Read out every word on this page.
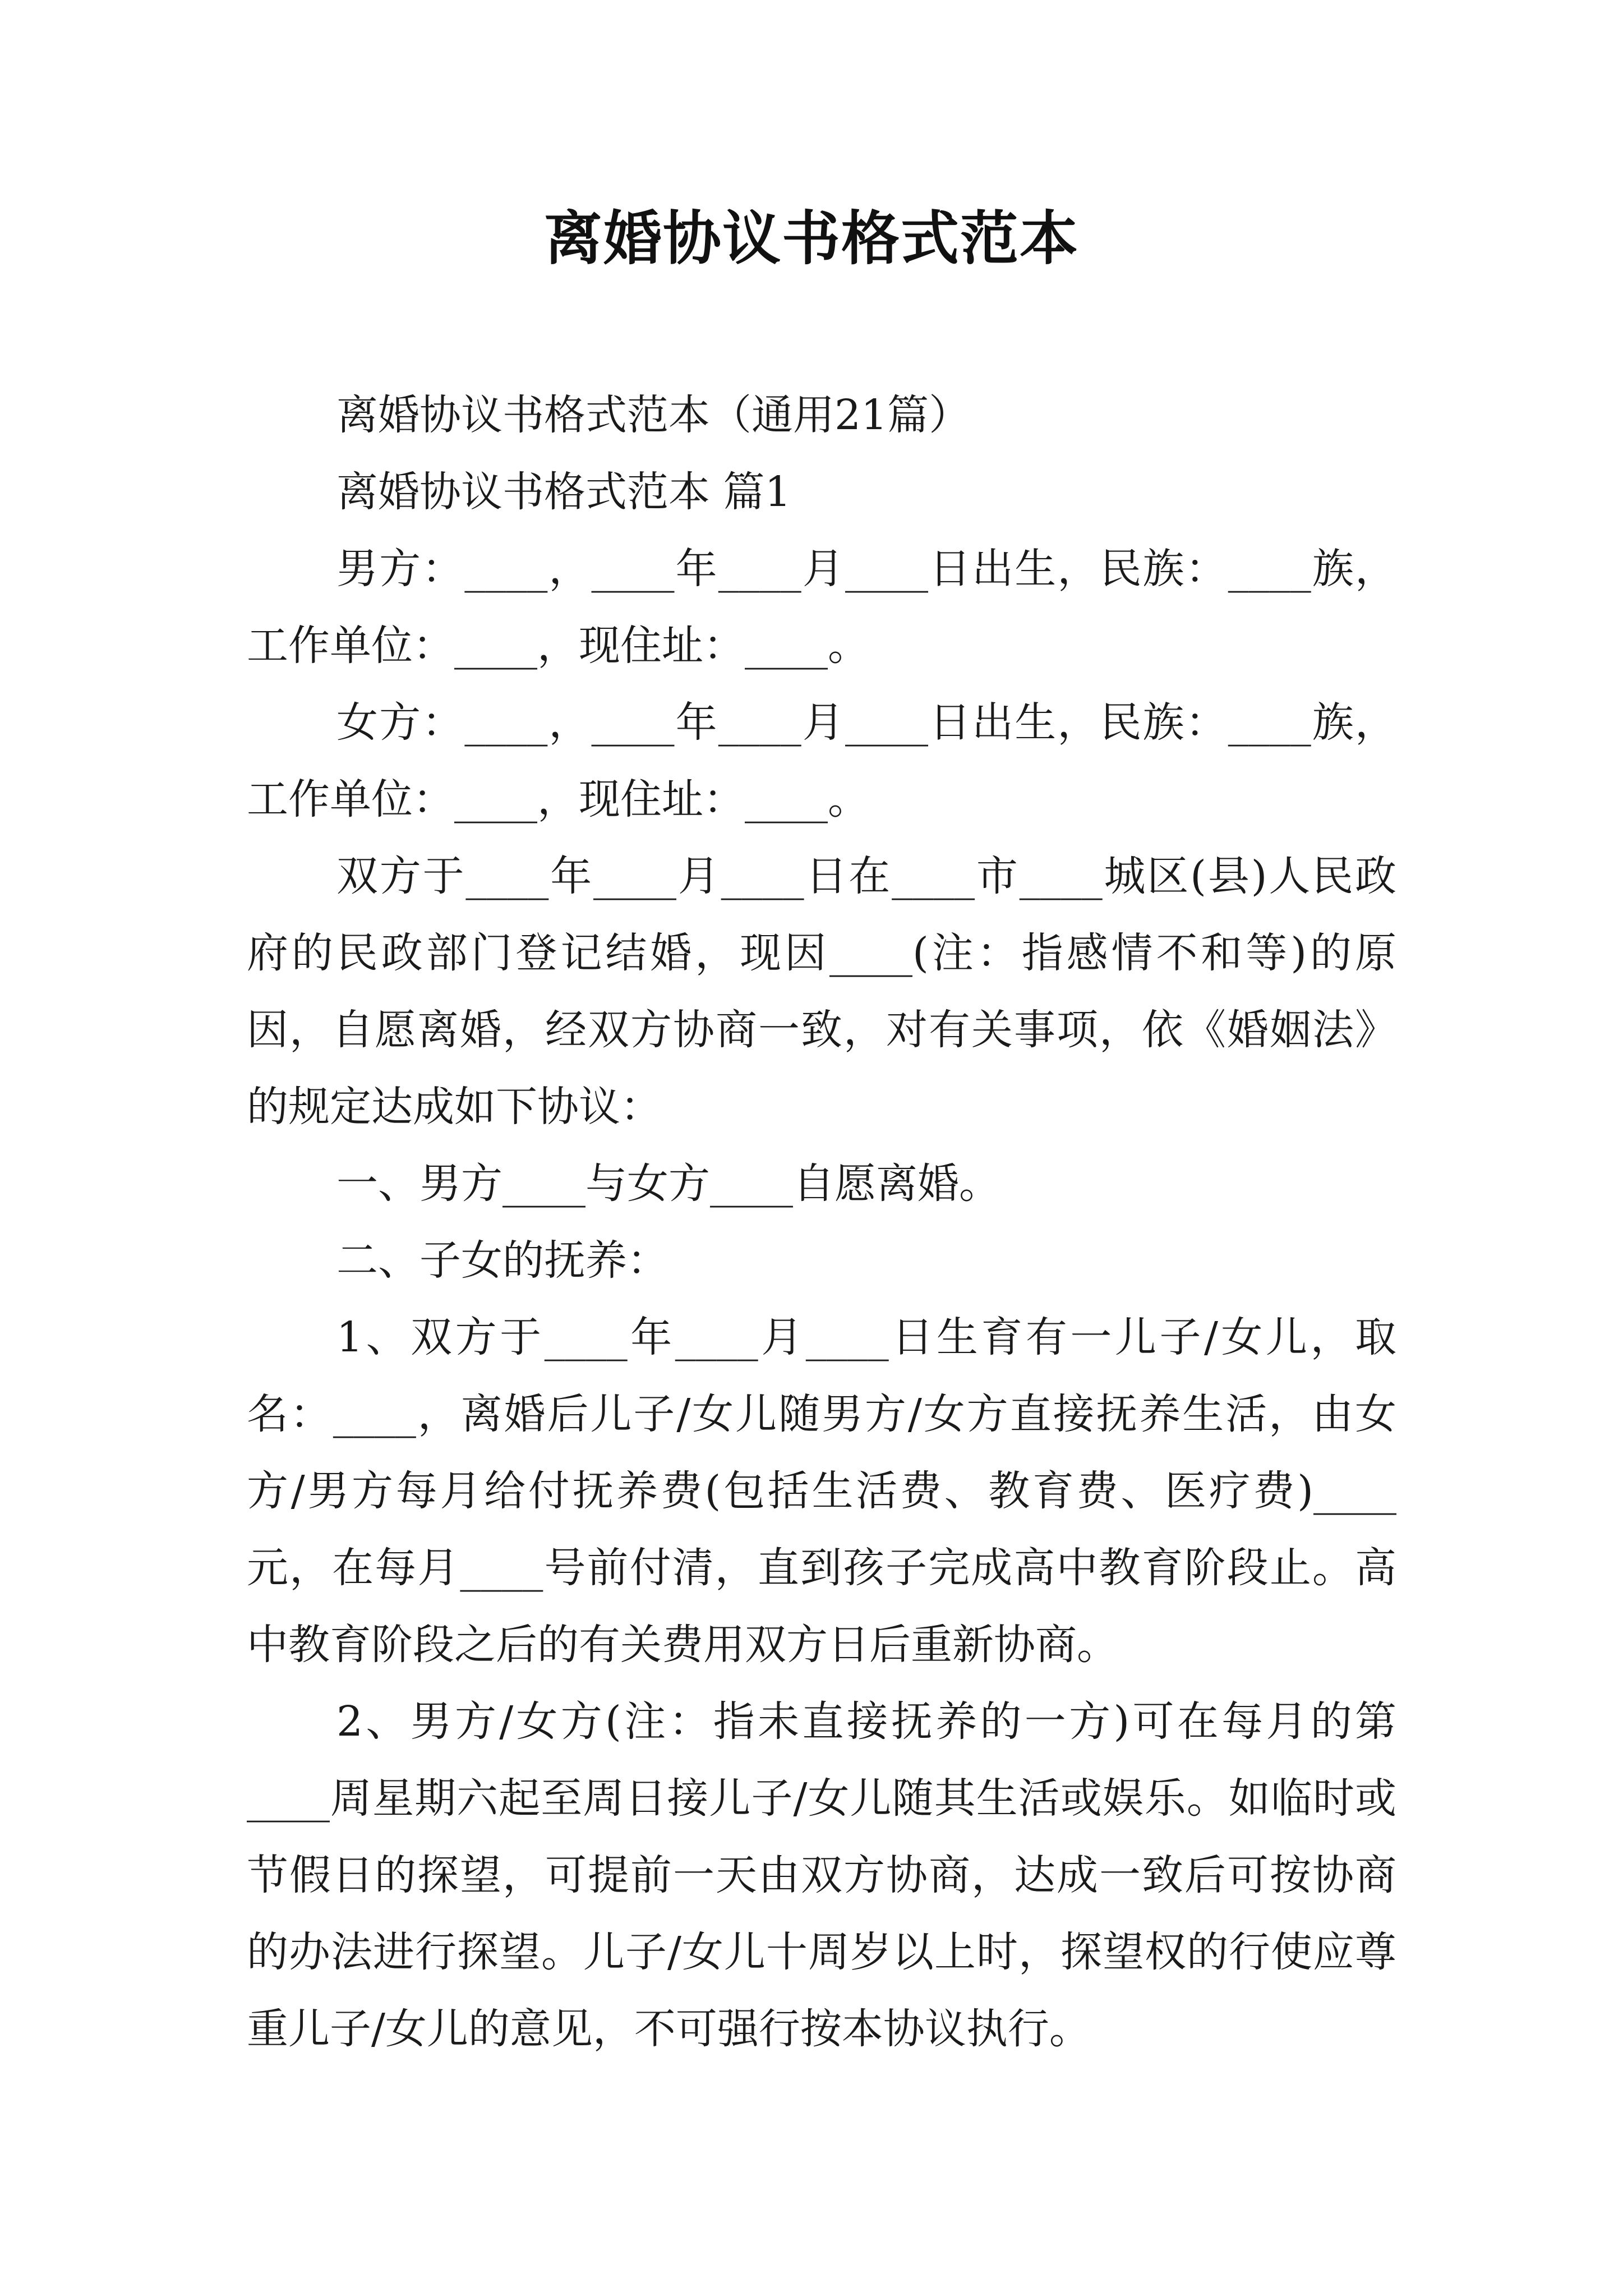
离婚协议书格式范本

离婚协议书格式范本（通用21篇）

离婚协议书格式范本 篇1

男方：____，____年____月____日出生，民族：____族，工作单位：____，现住址：____。

女方：____，____年____月____日出生，民族：____族，工作单位：____，现住址：____。

双方于____年____月____日在____市____城区(县)人民政府的民政部门登记结婚，现因____(注：指感情不和等)的原因，自愿离婚，经双方协商一致，对有关事项，依《婚姻法》的规定达成如下协议：

一、男方____与女方____自愿离婚。

二、子女的抚养：

1、双方于____年____月____日生育有一儿子/女儿，取名：____，离婚后儿子/女儿随男方/女方直接抚养生活，由女方/男方每月给付抚养费(包括生活费、教育费、医疗费)____元，在每月____号前付清，直到孩子完成高中教育阶段止。高中教育阶段之后的有关费用双方日后重新协商。

2、男方/女方(注：指未直接抚养的一方)可在每月的第____周星期六起至周日接儿子/女儿随其生活或娱乐。如临时或节假日的探望，可提前一天由双方协商，达成一致后可按协商的办法进行探望。儿子/女儿十周岁以上时，探望权的行使应尊重儿子/女儿的意见，不可强行按本协议执行。
